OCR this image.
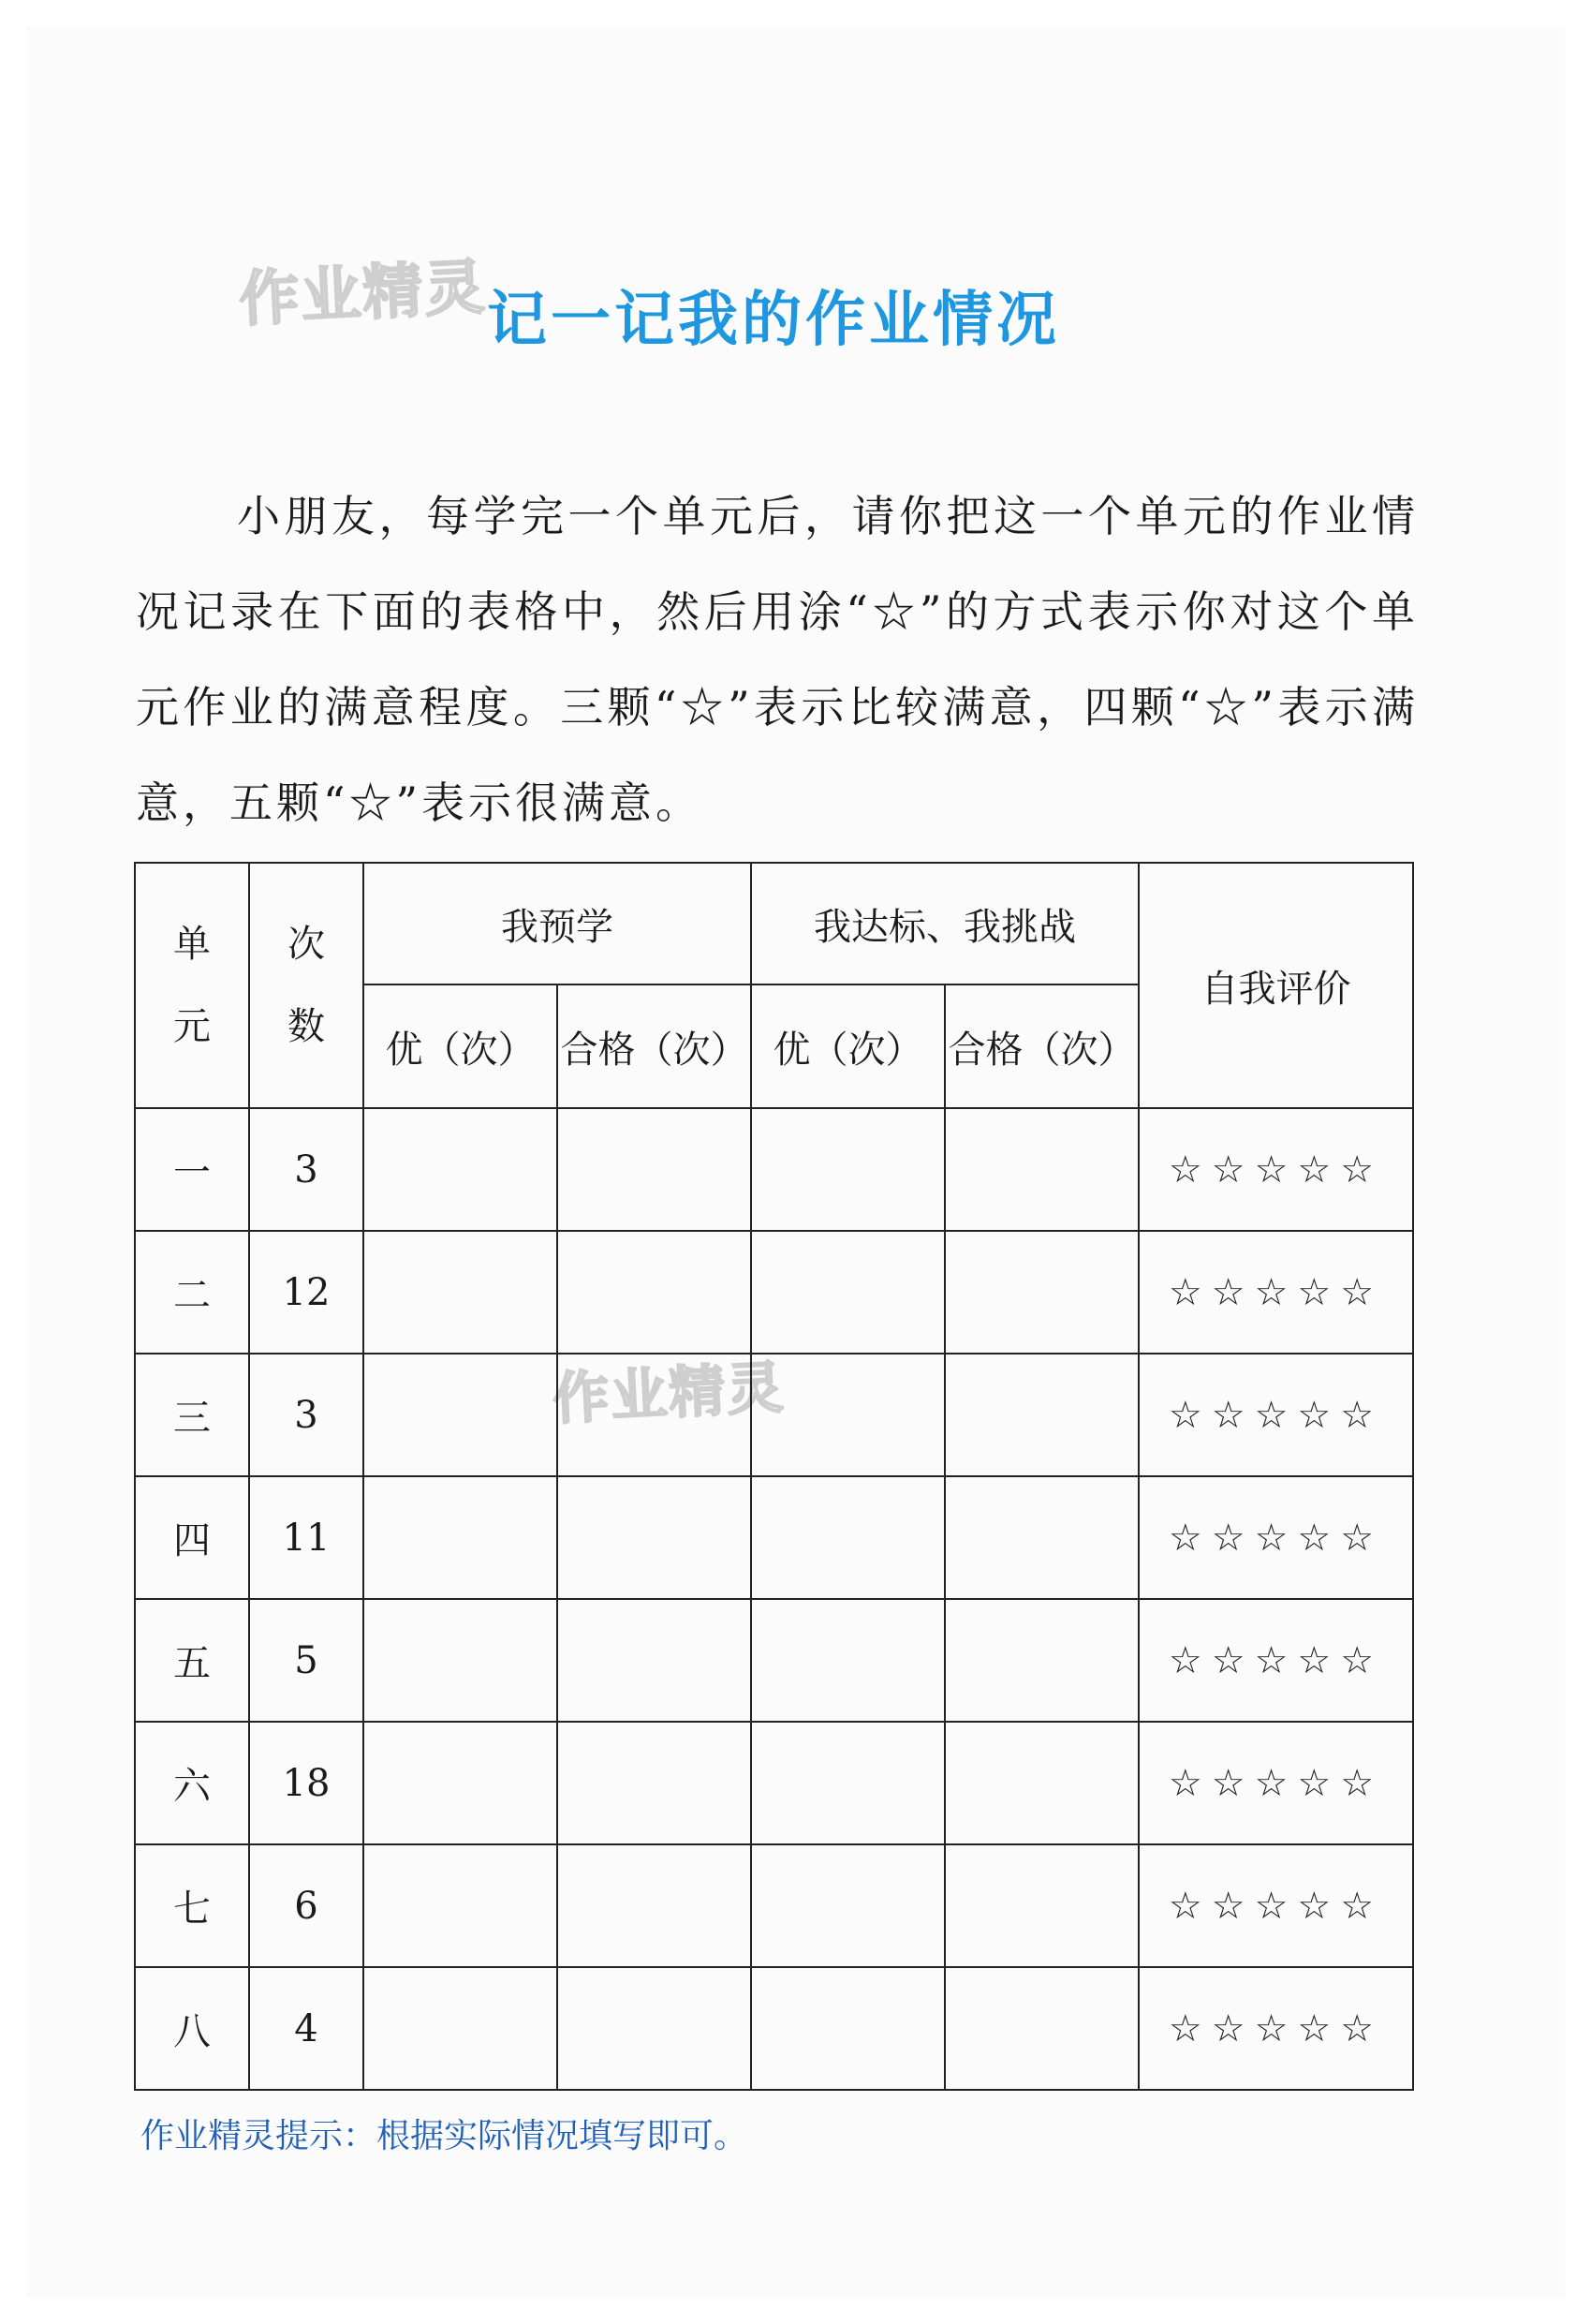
作业精灵
作业精灵
记一记我的作业情况

小朋友，每学完一个单元后，请你把这一个单元的作业情况记录在下面的表格中，然后用涂“☆”的方式表示你对这个单元作业的满意程度。三颗“☆”表示比较满意，四颗“☆”表示满意，五颗“☆”表示很满意。

单元	次数	我预学		我达标、我挑战		自我评价
		优（次）	合格（次）	优（次）	合格（次）	
一	3					☆☆☆☆☆
二	12					☆☆☆☆☆
三	3					☆☆☆☆☆
四	11					☆☆☆☆☆
五	5					☆☆☆☆☆
六	18					☆☆☆☆☆
七	6					☆☆☆☆☆
八	4					☆☆☆☆☆
作业精灵提示：根据实际情况填写即可。
